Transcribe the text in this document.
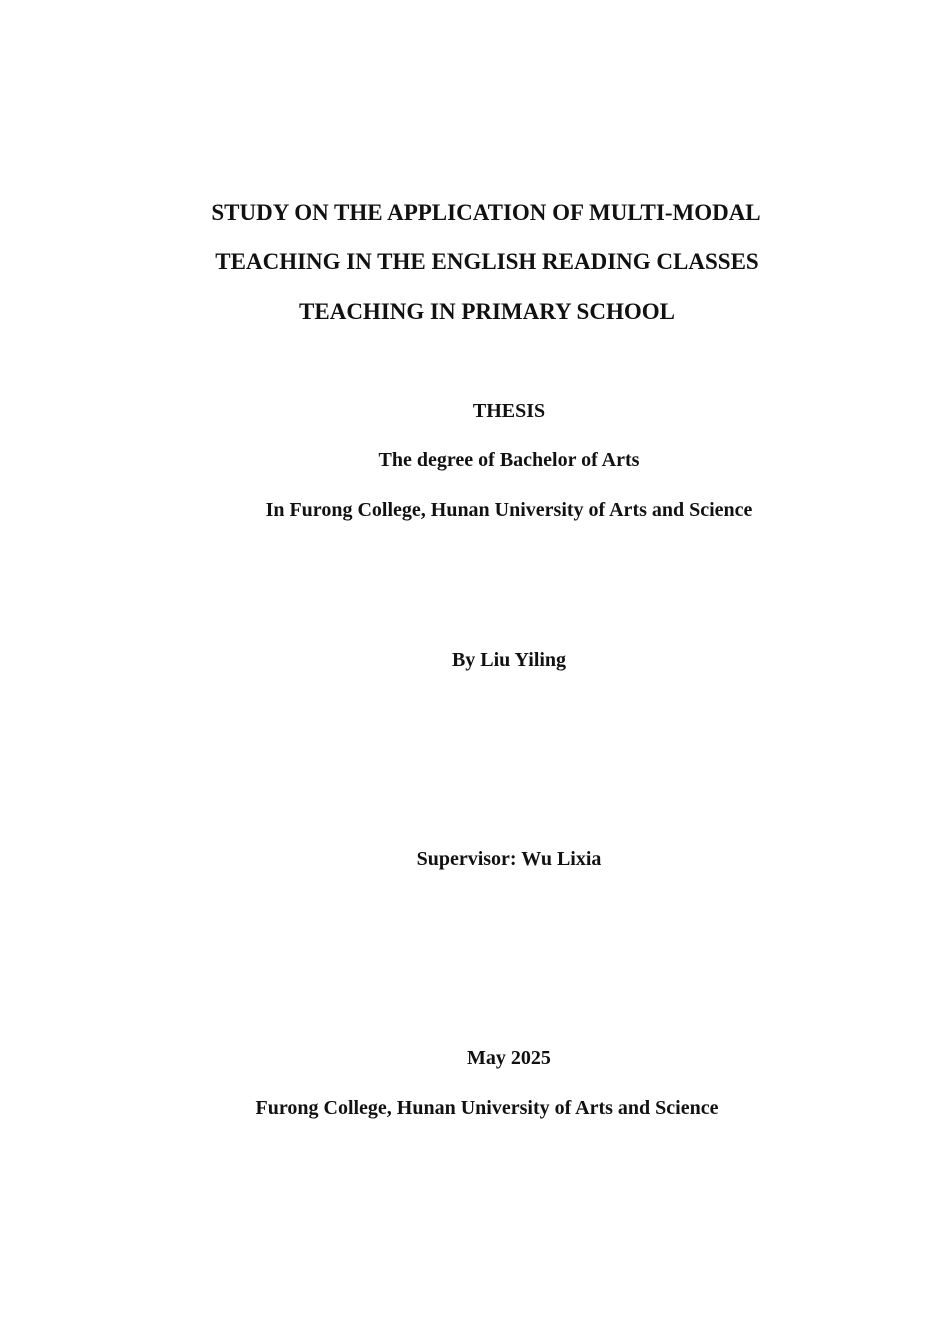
STUDY ON THE APPLICATION OF MULTI-MODAL
TEACHING IN THE ENGLISH READING CLASSES
TEACHING IN PRIMARY SCHOOL
THESIS
The degree of Bachelor of Arts
In Furong College, Hunan University of Arts and Science
By Liu Yiling
Supervisor: Wu Lixia
May 2025
Furong College, Hunan University of Arts and Science
